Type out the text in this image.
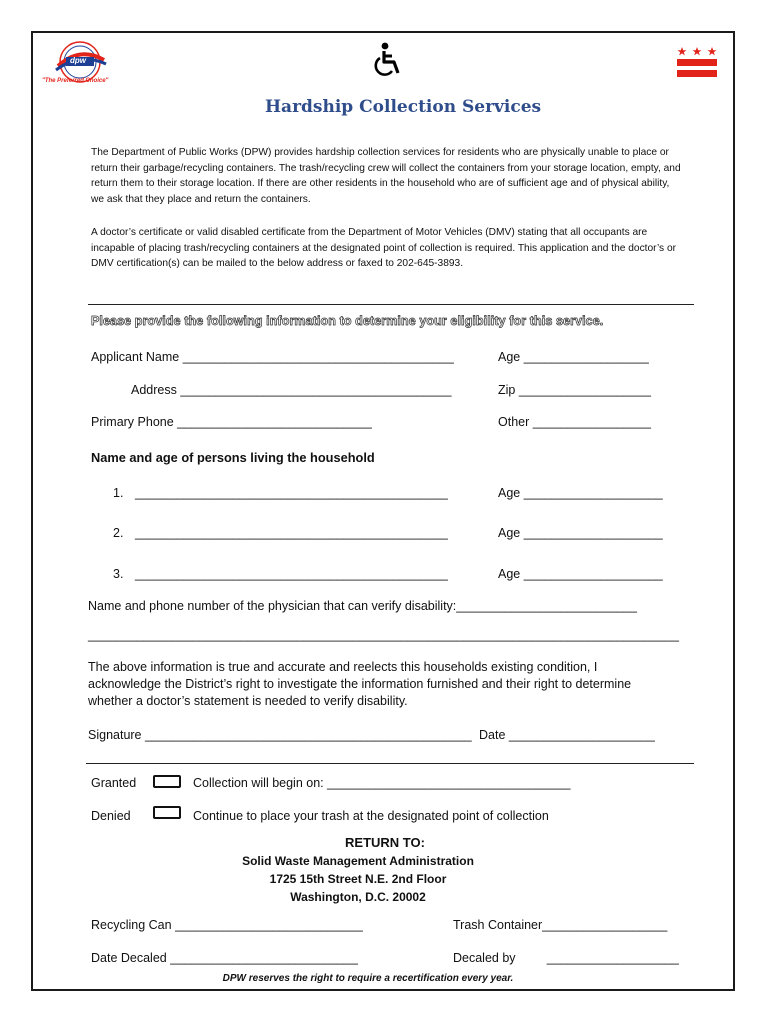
dpw
"The Preferred Choice"
Hardship Collection Services
The Department of Public Works (DPW) provides hardship collection services for residents who are physically unable to place or return their garbage/recycling containers. The trash/recycling crew will collect the containers from your storage location, empty, and return them to their storage location. If there are other residents in the household who are of sufficient age and of physical ability, we ask that they place and return the containers.
A doctor’s certificate or valid disabled certificate from the Department of Motor Vehicles (DMV) stating that all occupants are incapable of placing trash/recycling containers at the designated point of collection is required. This application and the doctor’s or DMV certification(s) can be mailed to the below address or faxed to 202-645-3893.
Please provide the following information to determine your eligibility for this service.
Applicant Name _______________________________________	Age __________________
Address _______________________________________	Zip ___________________
Primary Phone ____________________________	Other _________________
Name and age of persons living the household
1. _____________________________________________	Age ____________________
2. _____________________________________________	Age ____________________
3. _____________________________________________	Age ____________________
Name and phone number of the physician that can verify disability:__________________________
_____________________________________________________________________________________
The above information is true and accurate and reelects this households existing condition, I acknowledge the District’s right to investigate the information furnished and their right to determine whether a doctor’s statement is needed to verify disability.
Signature _______________________________________________ Date _____________________
Granted	Collection will begin on: ___________________________________
Denied	Continue to place your trash at the designated point of collection
RETURN TO:
Solid Waste Management Administration
1725 15th Street N.E. 2nd Floor
Washington, D.C. 20002
Recycling Can ___________________________	Trash Container__________________
Date Decaled ___________________________	Decaled by         ___________________
DPW reserves the right to require a recertification every year.
